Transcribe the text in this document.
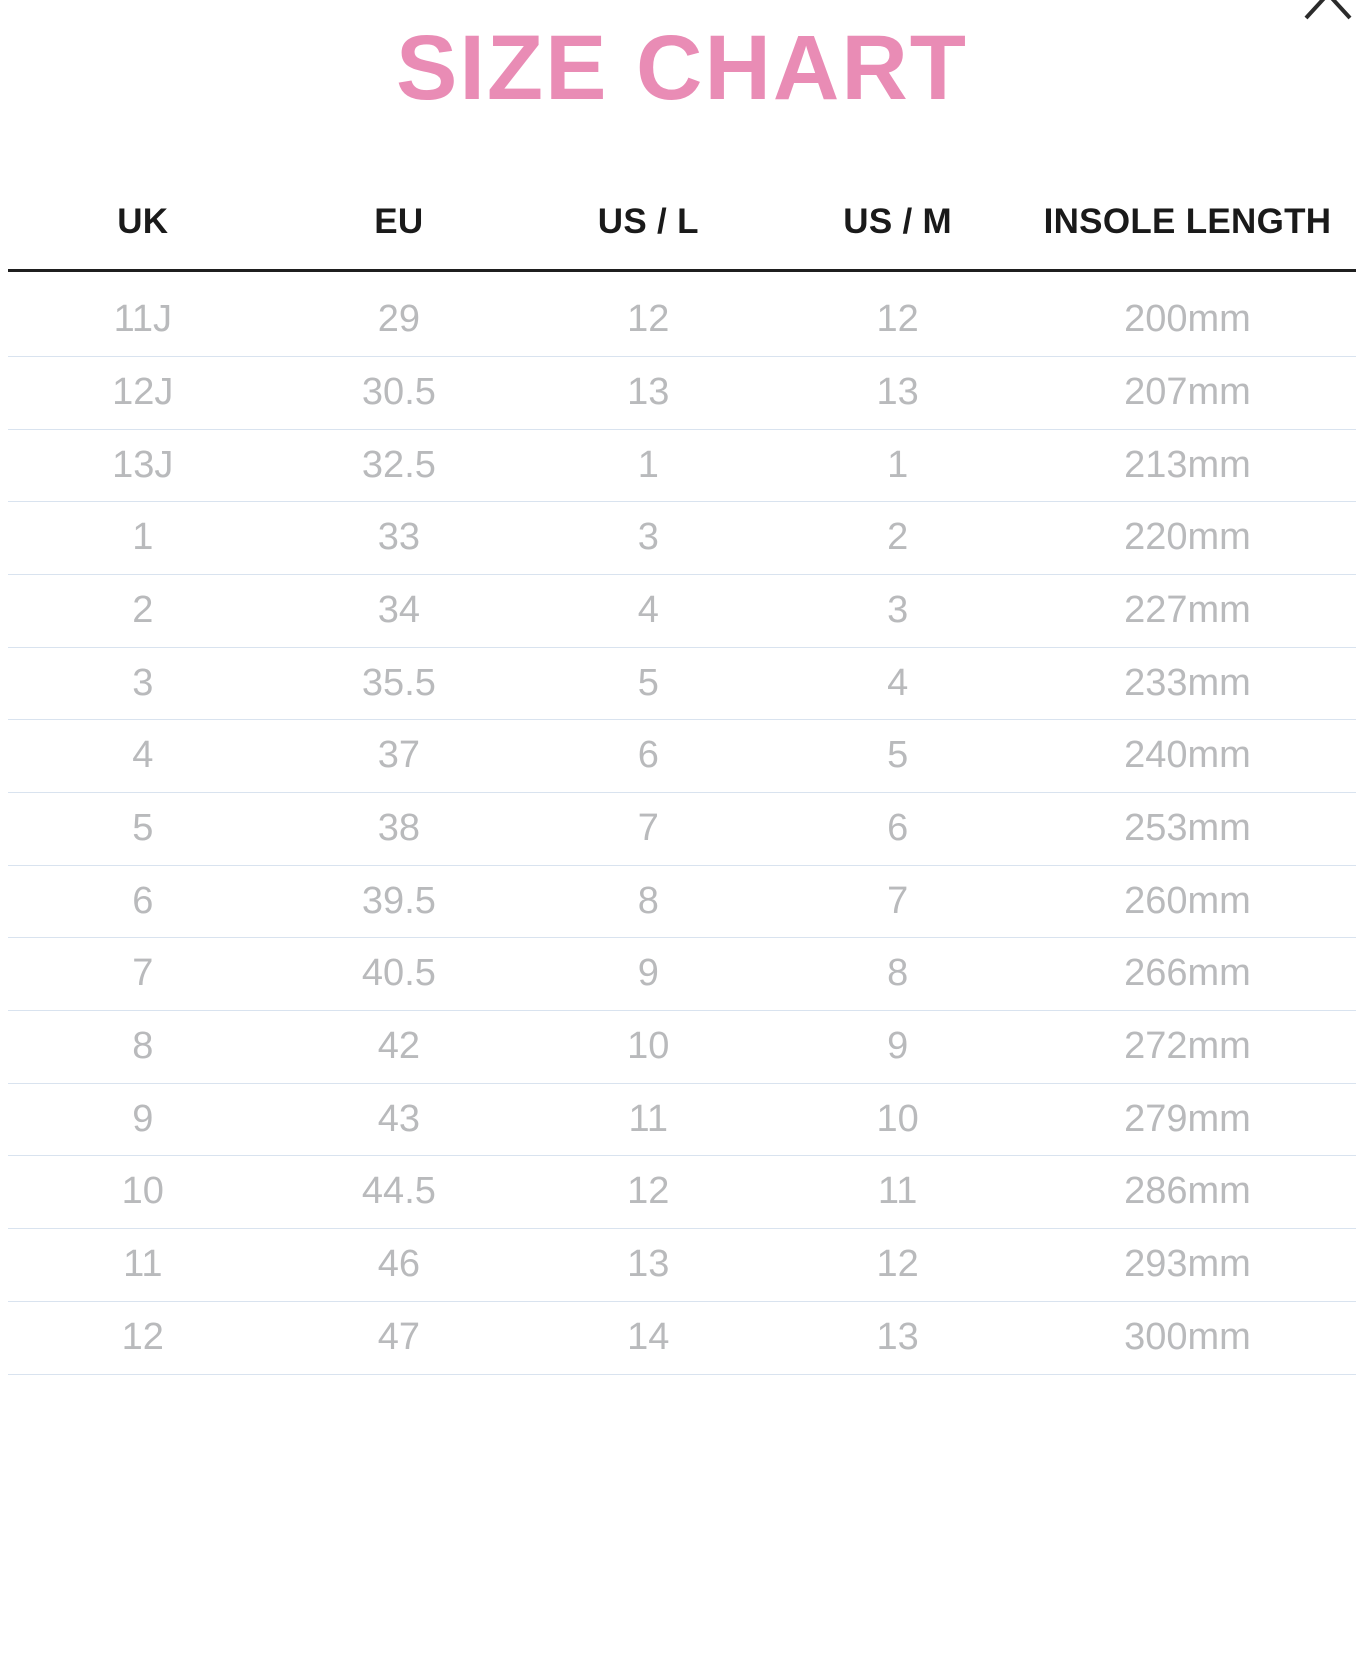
SIZE CHART
UK	EU	US / L	US / M	INSOLE LENGTH
11J	29	12	12	200mm
12J	30.5	13	13	207mm
13J	32.5	1	1	213mm
1	33	3	2	220mm
2	34	4	3	227mm
3	35.5	5	4	233mm
4	37	6	5	240mm
5	38	7	6	253mm
6	39.5	8	7	260mm
7	40.5	9	8	266mm
8	42	10	9	272mm
9	43	11	10	279mm
10	44.5	12	11	286mm
11	46	13	12	293mm
12	47	14	13	300mm
